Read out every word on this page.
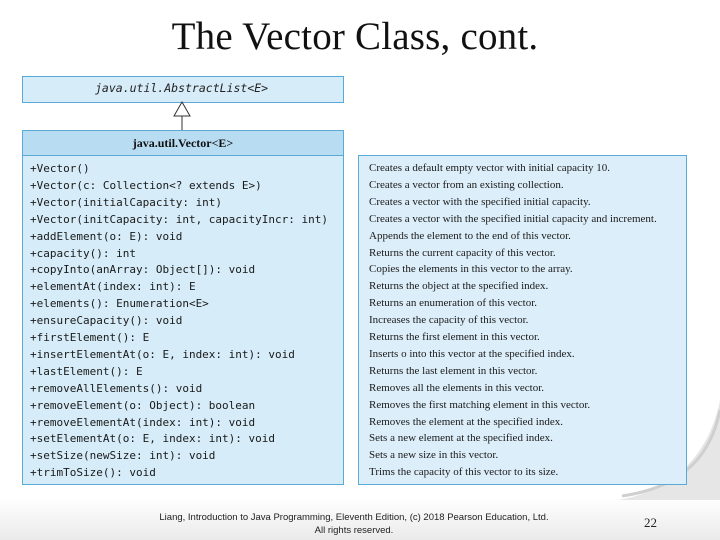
The Vector Class, cont.
java.util.AbstractList<E>
java.util.Vector<E>
+Vector()
+Vector(c: Collection<? extends E>)
+Vector(initialCapacity: int)
+Vector(initCapacity: int, capacityIncr: int)
+addElement(o: E): void
+capacity(): int
+copyInto(anArray: Object[]): void
+elementAt(index: int): E
+elements(): Enumeration<E>
+ensureCapacity(): void
+firstElement(): E
+insertElementAt(o: E, index: int): void
+lastElement(): E
+removeAllElements(): void
+removeElement(o: Object): boolean
+removeElementAt(index: int): void
+setElementAt(o: E, index: int): void
+setSize(newSize: int): void
+trimToSize(): void
Creates a default empty vector with initial capacity 10.
Creates a vector from an existing collection.
Creates a vector with the specified initial capacity.
Creates a vector with the specified initial capacity and increment.
Appends the element to the end of this vector.
Returns the current capacity of this vector.
Copies the elements in this vector to the array.
Returns the object at the specified index.
Returns an enumeration of this vector.
Increases the capacity of this vector.
Returns the first element in this vector.
Inserts o into this vector at the specified index.
Returns the last element in this vector.
Removes all the elements in this vector.
Removes the first matching element in this vector.
Removes the element at the specified index.
Sets a new element at the specified index.
Sets a new size in this vector.
Trims the capacity of this vector to its size.
Liang, Introduction to Java Programming, Eleventh Edition, (c) 2018 Pearson Education, Ltd.
All rights reserved.
22
